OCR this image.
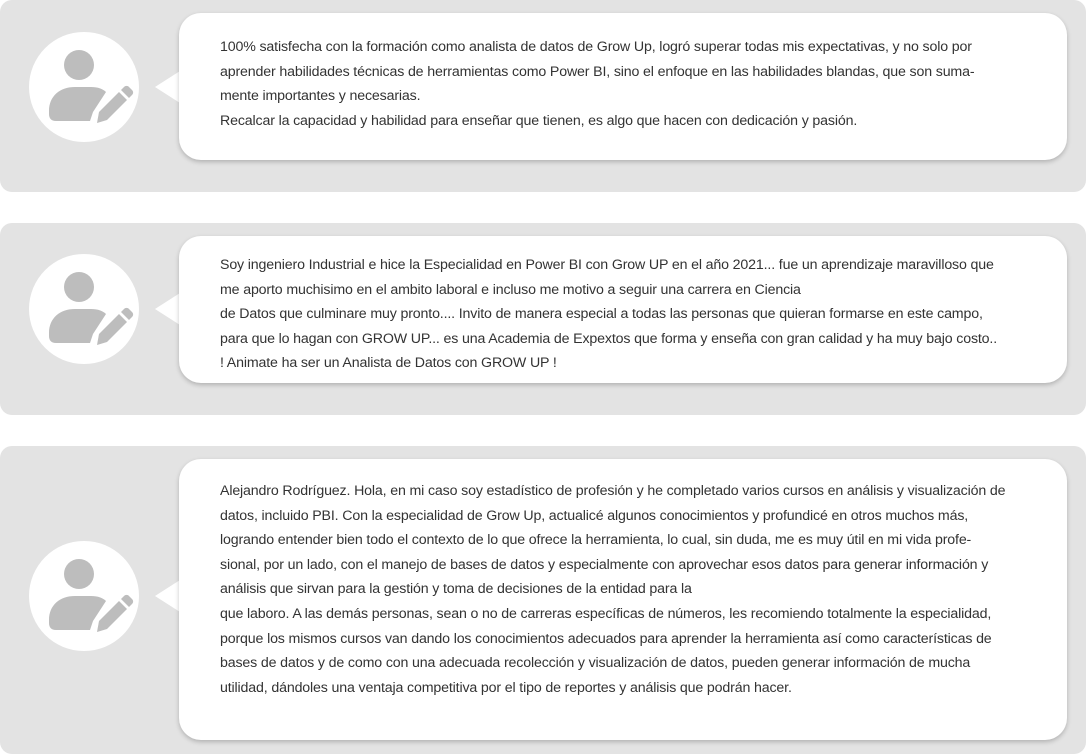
100% satisfecha con la formación como analista de datos de Grow Up, logró superar todas mis expectativas, y no solo por

aprender habilidades técnicas de herramientas como Power BI, sino el enfoque en las habilidades blandas, que son suma-

mente importantes y necesarias.

Recalcar la capacidad y habilidad para enseñar que tienen, es algo que hacen con dedicación y pasión.

Soy ingeniero Industrial e hice la Especialidad en Power BI con Grow UP en el año 2021... fue un aprendizaje maravilloso que

me aporto muchisimo en el ambito laboral e incluso me motivo a seguir una carrera en Ciencia

de Datos que culminare muy pronto.... Invito de manera especial a todas las personas que quieran formarse en este campo,

para que lo hagan con GROW UP... es una Academia de Expextos que forma y enseña con gran calidad y ha muy bajo costo..

! Animate ha ser un Analista de Datos con GROW UP !

Alejandro Rodríguez. Hola, en mi caso soy estadístico de profesión y he completado varios cursos en análisis y visualización de

datos, incluido PBI. Con la especialidad de Grow Up, actualicé algunos conocimientos y profundicé en otros muchos más,

logrando entender bien todo el contexto de lo que ofrece la herramienta, lo cual, sin duda, me es muy útil en mi vida profe-

sional, por un lado, con el manejo de bases de datos y especialmente con aprovechar esos datos para generar información y

análisis que sirvan para la gestión y toma de decisiones de la entidad para la

que laboro. A las demás personas, sean o no de carreras específicas de números, les recomiendo totalmente la especialidad,

porque los mismos cursos van dando los conocimientos adecuados para aprender la herramienta así como características de

bases de datos y de como con una adecuada recolección y visualización de datos, pueden generar información de mucha

utilidad, dándoles una ventaja competitiva por el tipo de reportes y análisis que podrán hacer.
